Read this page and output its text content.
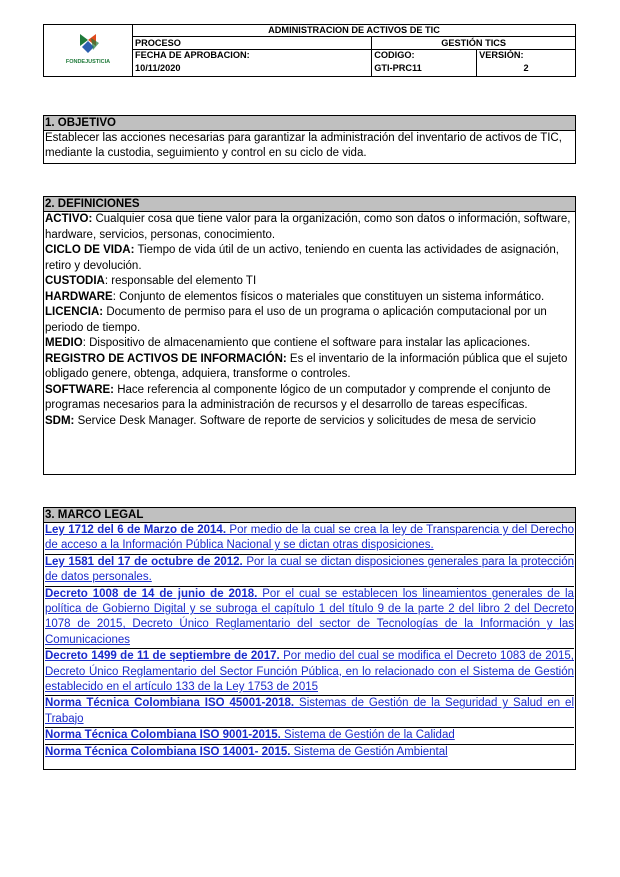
FONDEJUSTICIA	ADMINISTRACION DE ACTIVOS DE TIC		
	PROCESO	GESTIÓN TICS	
	FECHA DE APROBACION:	CODIGO:	VERSIÓN:
	10/11/2020	GTI-PRC11	2
1. OBJETIVO
Establecer las acciones necesarias para garantizar la administración del inventario de activos de TIC, mediante la custodia, seguimiento y control en su ciclo de vida.
2. DEFINICIONES

ACTIVO: Cualquier cosa que tiene valor para la organización, como son datos o información, software, hardware, servicios, personas, conocimiento.

CICLO DE VIDA: Tiempo de vida útil de un activo, teniendo en cuenta las actividades de asignación, retiro y devolución.

CUSTODIA: responsable del elemento TI

HARDWARE: Conjunto de elementos físicos o materiales que constituyen un sistema informático.

LICENCIA: Documento de permiso para el uso de un programa o aplicación computacional por un periodo de tiempo.

MEDIO: Dispositivo de almacenamiento que contiene el software para instalar las aplicaciones.

REGISTRO DE ACTIVOS DE INFORMACIÓN: Es el inventario de la información pública que el sujeto obligado genere, obtenga, adquiera, transforme o controles.

SOFTWARE: Hace referencia al componente lógico de un computador y comprende el conjunto de programas necesarios para la administración de recursos y el desarrollo de tareas específicas.

SDM: Service Desk Manager. Software de reporte de servicios y solicitudes de mesa de servicio

3. MARCO LEGAL
Ley 1712 del 6 de Marzo de 2014. Por medio de la cual se crea la ley de Transparencia y del Derecho de acceso a la Información Pública Nacional y se dictan otras disposiciones.
Ley 1581 del 17 de octubre de 2012. Por la cual se dictan disposiciones generales para la protección de datos personales.
Decreto 1008 de 14 de junio de 2018. Por el cual se establecen los lineamientos generales de la política de Gobierno Digital y se subroga el capítulo 1 del título 9 de la parte 2 del libro 2 del Decreto 1078 de 2015, Decreto Único Reglamentario del sector de Tecnologías de la Información y las Comunicaciones
Decreto 1499 de 11 de septiembre de 2017. Por medio del cual se modifica el Decreto 1083 de 2015, Decreto Único Reglamentario del Sector Función Pública, en lo relacionado con el Sistema de Gestión establecido en el artículo 133 de la Ley 1753 de 2015
Norma Técnica Colombiana ISO 45001-2018. Sistemas de Gestión de la Seguridad y Salud en el Trabajo
Norma Técnica Colombiana ISO 9001-2015. Sistema de Gestión de la Calidad
Norma Técnica Colombiana ISO 14001- 2015. Sistema de Gestión Ambiental
